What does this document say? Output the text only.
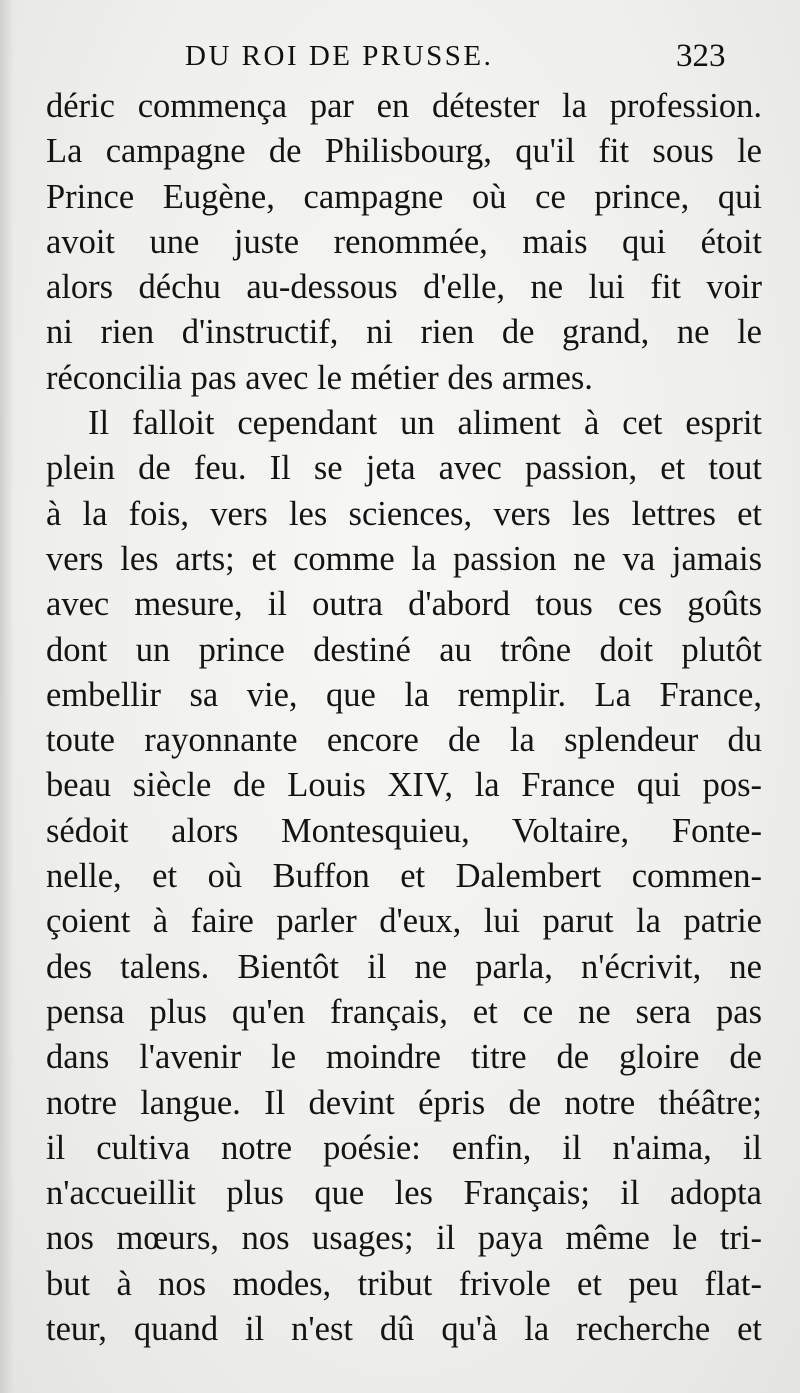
DU ROI DE PRUSSE.	323
déric commença par en détester la profession.
La campagne de Philisbourg, qu'il fit sous le
Prince Eugène, campagne où ce prince, qui
avoit une juste renommée, mais qui étoit
alors déchu au-dessous d'elle, ne lui fit voir
ni rien d'instructif, ni rien de grand, ne le
réconcilia pas avec le métier des armes.
Il falloit cependant un aliment à cet esprit
plein de feu. Il se jeta avec passion, et tout
à la fois, vers les sciences, vers les lettres et
vers les arts; et comme la passion ne va jamais
avec mesure, il outra d'abord tous ces goûts
dont un prince destiné au trône doit plutôt
embellir sa vie, que la remplir. La France,
toute rayonnante encore de la splendeur du
beau siècle de Louis XIV, la France qui pos-
sédoit alors Montesquieu, Voltaire, Fonte-
nelle, et où Buffon et Dalembert commen-
çoient à faire parler d'eux, lui parut la patrie
des talens. Bientôt il ne parla, n'écrivit, ne
pensa plus qu'en français, et ce ne sera pas
dans l'avenir le moindre titre de gloire de
notre langue. Il devint épris de notre théâtre;
il cultiva notre poésie: enfin, il n'aima, il
n'accueillit plus que les Français; il adopta
nos mœurs, nos usages; il paya même le tri-
but à nos modes, tribut frivole et peu flat-
teur, quand il n'est dû qu'à la recherche et
